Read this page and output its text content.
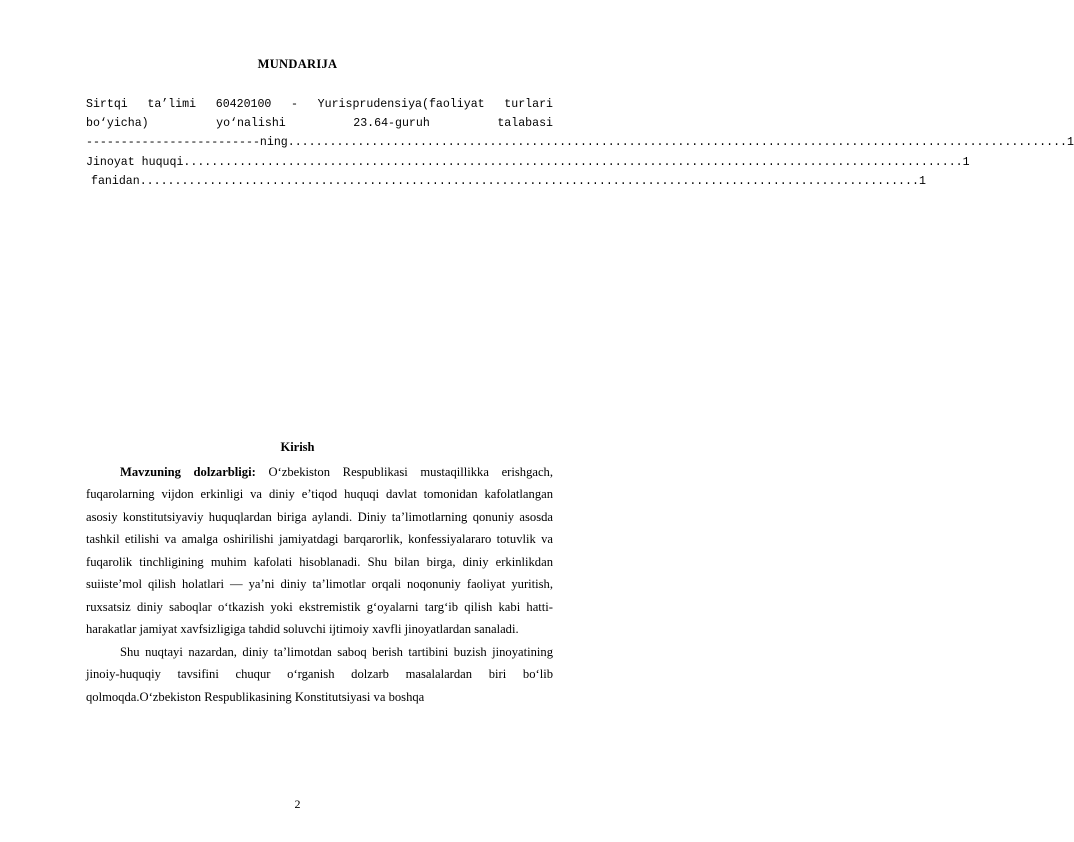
MUNDARIJA
Sirtqi ta’limi 60420100 - Yurisprudensiya(faoliyat turlari
bo‘yicha)	yo‘nalishi	23.64-guruh	talabasi
-------------------------ning ................................................................................................................ 1
Jinoyat huquqi ................................................................................................................ 1
fanidan ................................................................................................................ 1
Kirish

Mavzuning dolzarbligi: O‘zbekiston Respublikasi mustaqillikka erishgach, fuqarolarning vijdon erkinligi va diniy e’tiqod huquqi davlat tomonidan kafolatlangan asosiy konstitutsiyaviy huquqlardan biriga aylandi. Diniy ta’limotlarning qonuniy asosda tashkil etilishi va amalga oshirilishi jamiyatdagi barqarorlik, konfessiyalararo totuvlik va fuqarolik tinchligining muhim kafolati hisoblanadi. Shu bilan birga, diniy erkinlikdan suiiste’mol qilish holatlari — ya’ni diniy ta’limotlar orqali noqonuniy faoliyat yuritish, ruxsatsiz diniy saboqlar o‘tkazish yoki ekstremistik g‘oyalarni targ‘ib qilish kabi hatti-harakatlar jamiyat xavfsizligiga tahdid soluvchi ijtimoiy xavfli jinoyatlardan sanaladi.

Shu nuqtayi nazardan, diniy ta’limotdan saboq berish tartibini buzish jinoyatining jinoiy-huquqiy tavsifini chuqur o‘rganish dolzarb masalalardan biri bo‘lib qolmoqda.O‘zbekiston Respublikasining Konstitutsiyasi va boshqa

2
